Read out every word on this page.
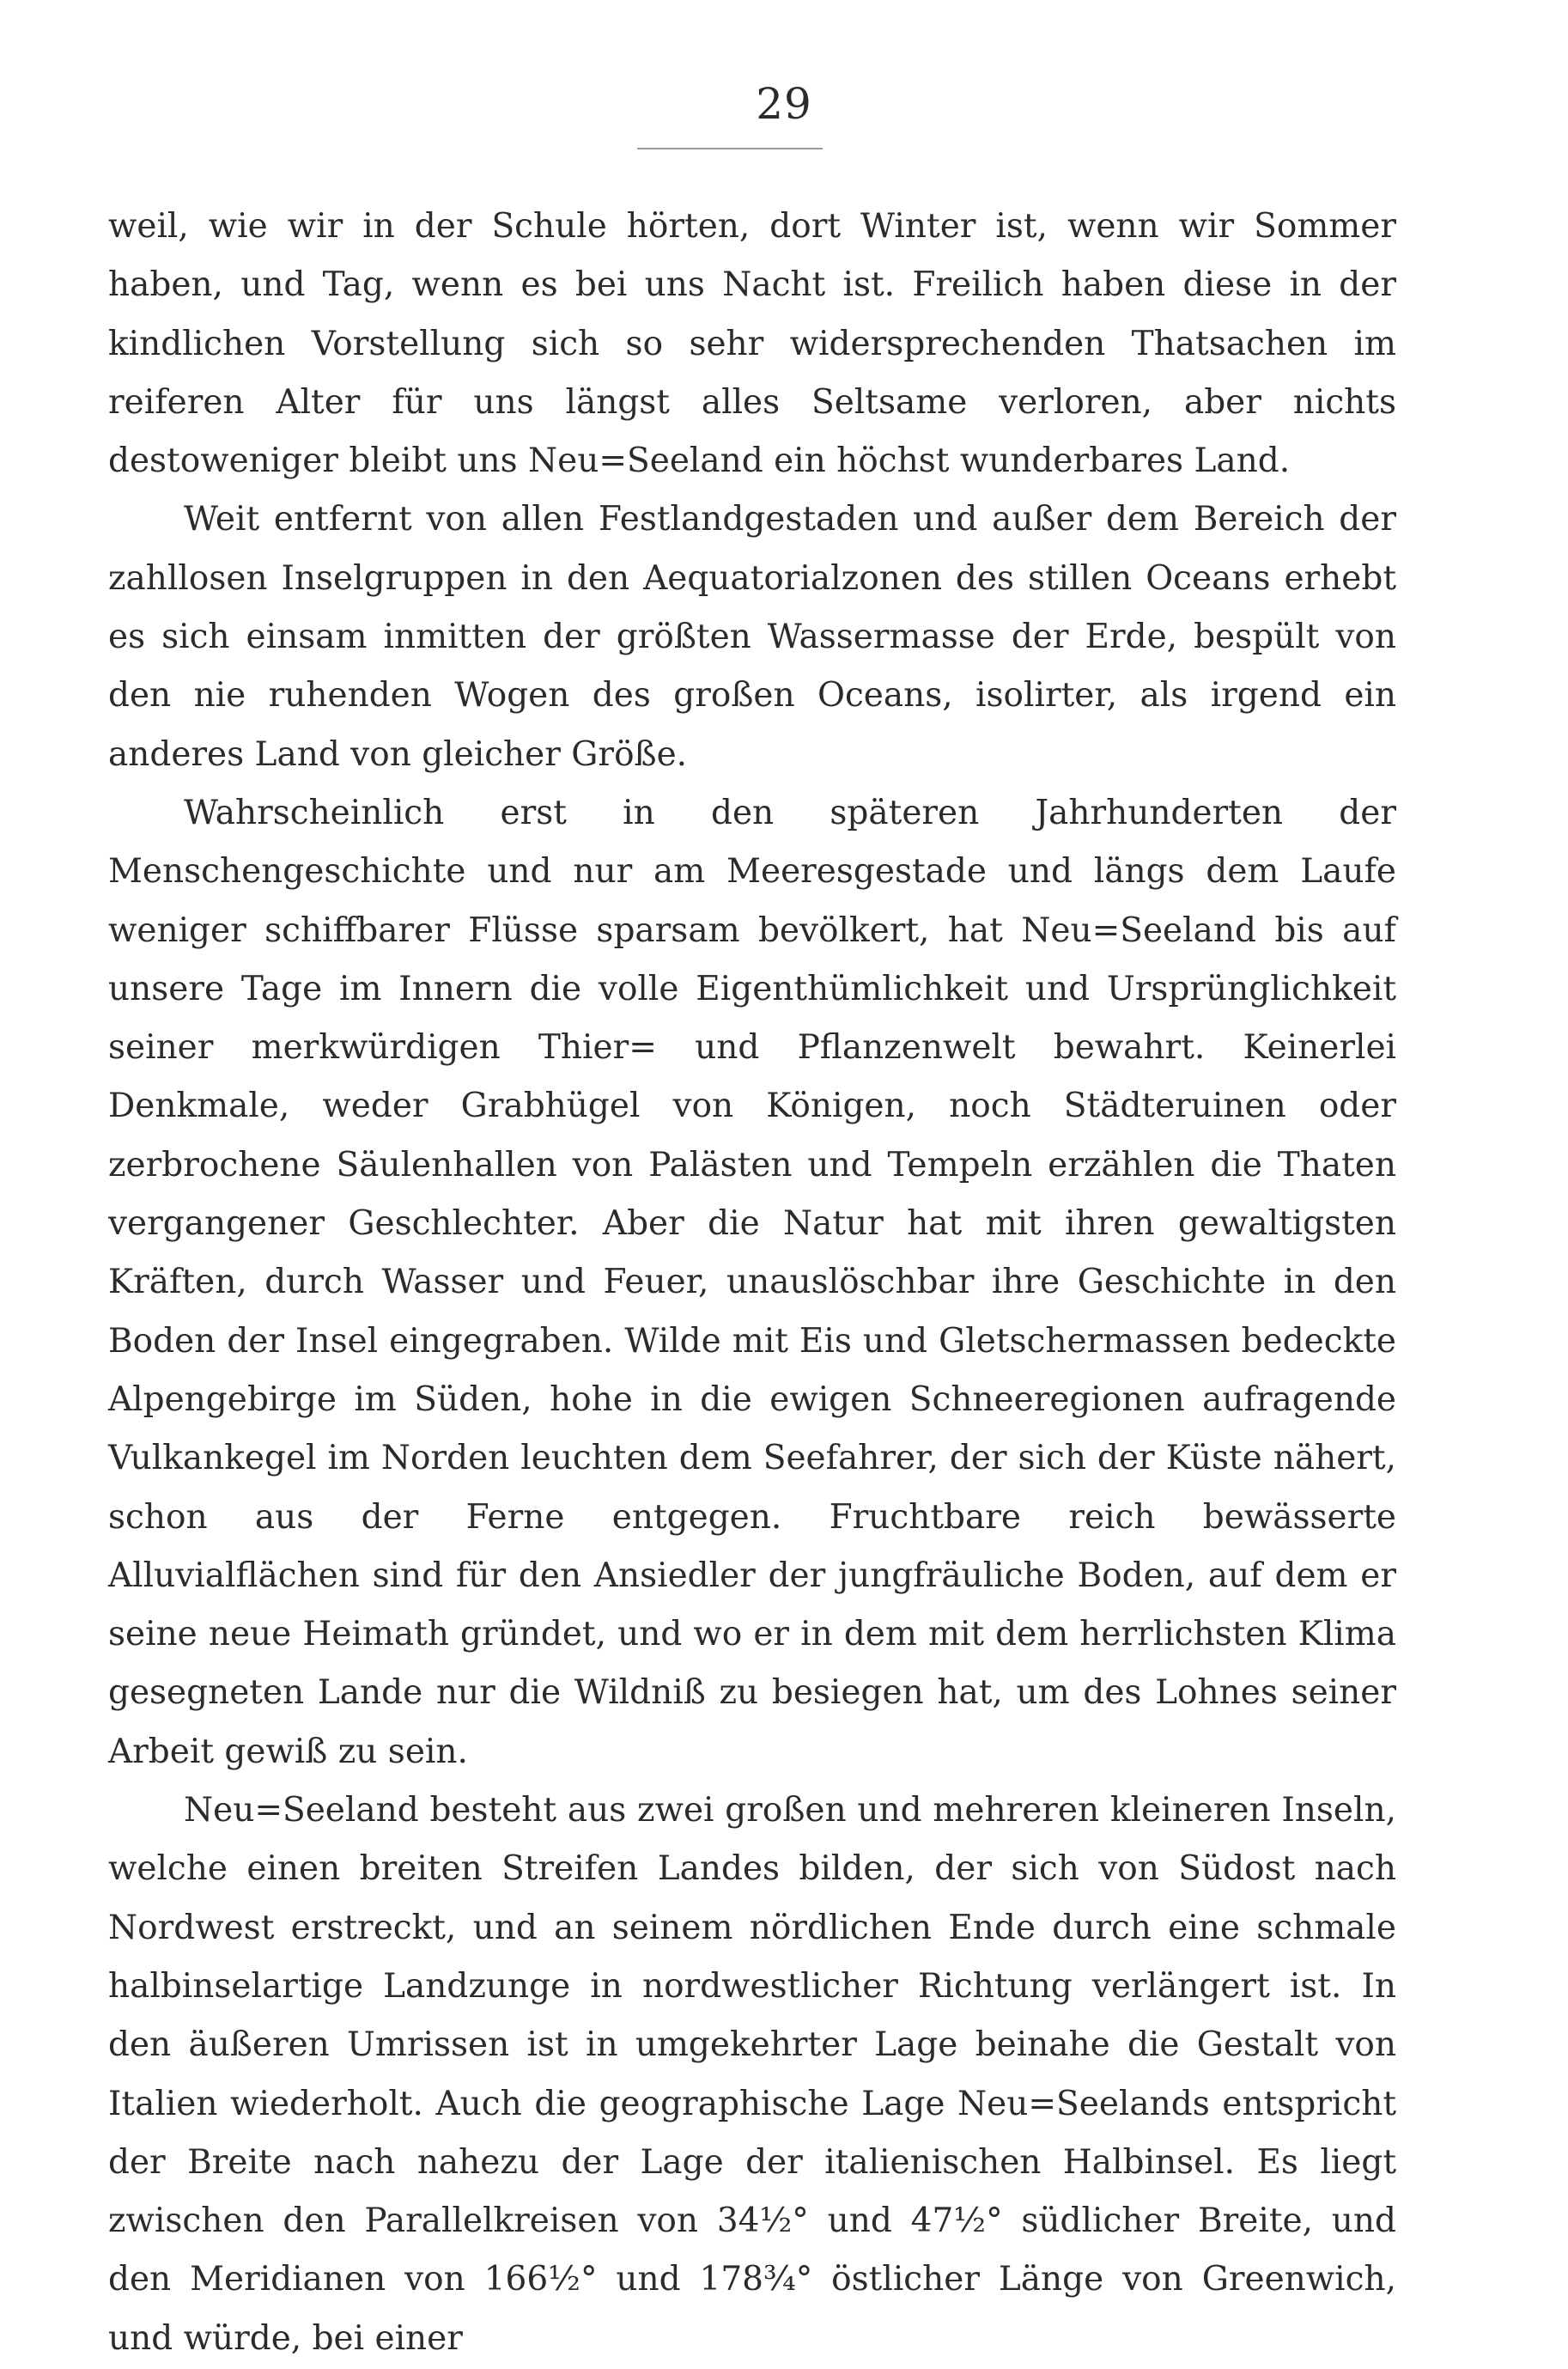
29

weil, wie wir in der Schule hörten, dort Winter ist, wenn wir Sommer haben, und Tag, wenn es bei uns Nacht ist. Freilich haben diese in der kindlichen Vorstellung sich so sehr widersprechenden Thatsachen im reiferen Alter für uns längst alles Seltsame verloren, aber nichts destoweniger bleibt uns Neu=Seeland ein höchst wunderbares Land.

Weit entfernt von allen Festlandgestaden und außer dem Bereich der zahllosen Inselgruppen in den Aequatorialzonen des stillen Oceans erhebt es sich einsam inmitten der größten Wassermasse der Erde, bespült von den nie ruhenden Wogen des großen Oceans, isolirter, als irgend ein anderes Land von gleicher Größe.

Wahrscheinlich erst in den späteren Jahrhunderten der Menschengeschichte und nur am Meeresgestade und längs dem Laufe weniger schiffbarer Flüsse sparsam bevölkert, hat Neu=Seeland bis auf unsere Tage im Innern die volle Eigenthümlichkeit und Ursprünglichkeit seiner merkwürdigen Thier= und Pflanzenwelt bewahrt. Keinerlei Denkmale, weder Grabhügel von Königen, noch Städteruinen oder zerbrochene Säulenhallen von Palästen und Tempeln erzählen die Thaten vergangener Geschlechter. Aber die Natur hat mit ihren gewaltigsten Kräften, durch Wasser und Feuer, unauslöschbar ihre Geschichte in den Boden der Insel eingegraben. Wilde mit Eis und Gletschermassen bedeckte Alpengebirge im Süden, hohe in die ewigen Schneeregionen aufragende Vulkankegel im Norden leuchten dem Seefahrer, der sich der Küste nähert, schon aus der Ferne entgegen. Fruchtbare reich bewässerte Alluvialflächen sind für den Ansiedler der jungfräuliche Boden, auf dem er seine neue Heimath gründet, und wo er in dem mit dem herrlichsten Klima gesegneten Lande nur die Wildniß zu besiegen hat, um des Lohnes seiner Arbeit gewiß zu sein.

Neu=Seeland besteht aus zwei großen und mehreren kleineren Inseln, welche einen breiten Streifen Landes bilden, der sich von Südost nach Nordwest erstreckt, und an seinem nördlichen Ende durch eine schmale halbinselartige Landzunge in nordwestlicher Richtung verlängert ist. In den äußeren Umrissen ist in umgekehrter Lage beinahe die Gestalt von Italien wiederholt. Auch die geographische Lage Neu=Seelands entspricht der Breite nach nahezu der Lage der italienischen Halbinsel. Es liegt zwischen den Parallelkreisen von 34½° und 47½° südlicher Breite, und den Meridianen von 166½° und 178¾° östlicher Länge von Greenwich, und würde, bei einer
